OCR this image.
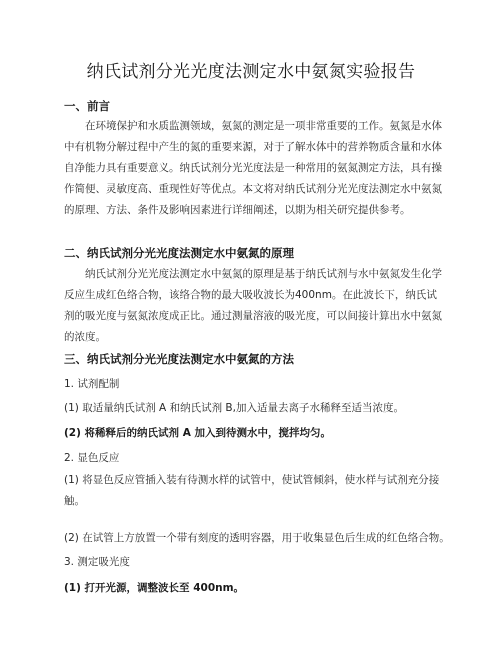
纳氏试剂分光光度法测定水中氨氮实验报告
一、前言
在环境保护和水质监测领域，氨氮的测定是一项非常重要的工作。氨氮是水体中有机物分解过程中产生的氮的重要来源，对于了解水体中的营养物质含量和水体自净能力具有重要意义。纳氏试剂分光光度法是一种常用的氨氮测定方法，具有操作简便、灵敏度高、重现性好等优点。本文将对纳氏试剂分光光度法测定水中氨氮的原理、方法、条件及影响因素进行详细阐述，以期为相关研究提供参考。
二、纳氏试剂分光光度法测定水中氨氮的原理
纳氏试剂分光光度法测定水中氨氮的原理是基于纳氏试剂与水中氨氮发生化学反应生成红色络合物，该络合物的最大吸收波长为400nm。在此波长下，纳氏试剂的吸光度与氨氮浓度成正比。通过测量溶液的吸光度，可以间接计算出水中氨氮的浓度。
三、纳氏试剂分光光度法测定水中氨氮的方法
1. 试剂配制
(1) 取适量纳氏试剂 A 和纳氏试剂 B,加入适量去离子水稀释至适当浓度。
(2) 将稀释后的纳氏试剂 A 加入到待测水中，搅拌均匀。
2. 显色反应
(1) 将显色反应管插入装有待测水样的试管中，使试管倾斜，使水样与试剂充分接触。
(2) 在试管上方放置一个带有刻度的透明容器，用于收集显色后生成的红色络合物。
3. 测定吸光度
(1) 打开光源，调整波长至 400nm。
